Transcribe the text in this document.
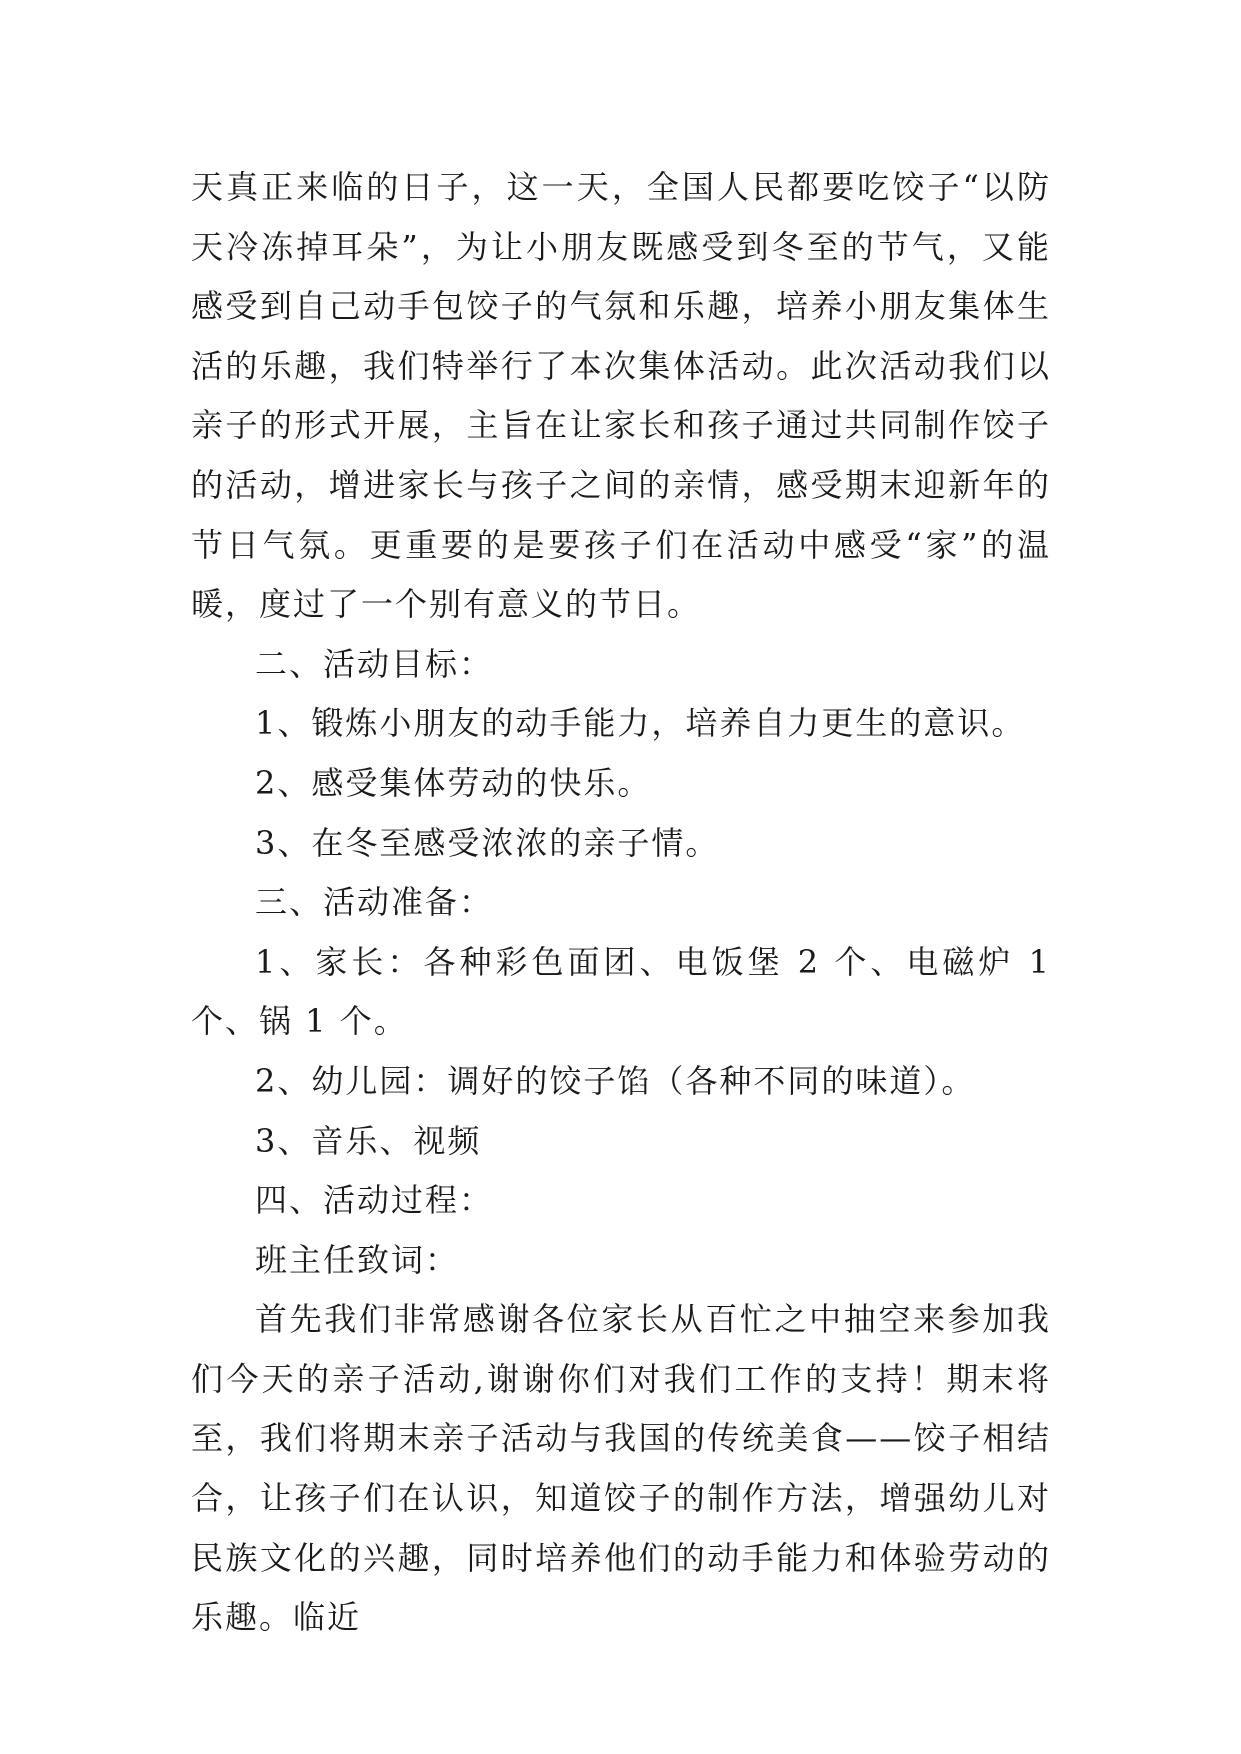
天真正来临的日子，这一天，全国人民都要吃饺子“以防天冷冻掉耳朵”，为让小朋友既感受到冬至的节气，又能感受到自己动手包饺子的气氛和乐趣，培养小朋友集体生活的乐趣，我们特举行了本次集体活动。此次活动我们以亲子的形式开展，主旨在让家长和孩子通过共同制作饺子的活动，增进家长与孩子之间的亲情，感受期末迎新年的节日气氛。更重要的是要孩子们在活动中感受“家”的温暖，度过了一个别有意义的节日。

二、活动目标：

1、锻炼小朋友的动手能力，培养自力更生的意识。

2、感受集体劳动的快乐。

3、在冬至感受浓浓的亲子情。

三、活动准备：

1、家长：各种彩色面团、电饭堡 2 个、电磁炉 1 个、锅 1 个。

2、幼儿园：调好的饺子馅（各种不同的味道）。

3、音乐、视频

四、活动过程：

班主任致词：

首先我们非常感谢各位家长从百忙之中抽空来参加我们今天的亲子活动,谢谢你们对我们工作的支持！期末将至，我们将期末亲子活动与我国的传统美食——饺子相结合，让孩子们在认识，知道饺子的制作方法，增强幼儿对民族文化的兴趣，同时培养他们的动手能力和体验劳动的乐趣。临近
